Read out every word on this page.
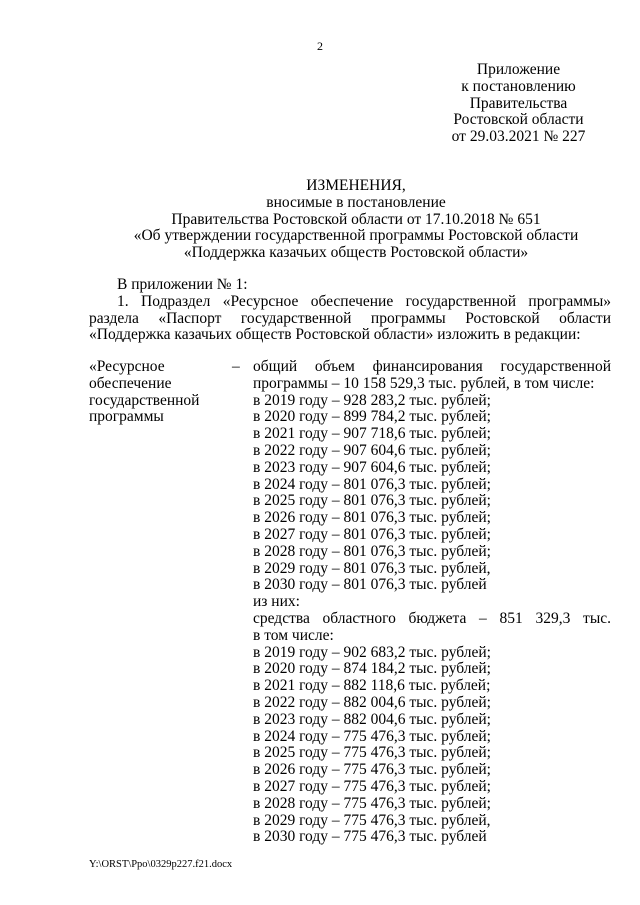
2
Приложение
к постановлению
Правительства
Ростовской области
от 29.03.2021 № 227
ИЗМЕНЕНИЯ,
вносимые в постановление
Правительства Ростовской области от 17.10.2018 № 651
«Об утверждении государственной программы Ростовской области
«Поддержка казачьих обществ Ростовской области»
В приложении № 1:
1. Подраздел «Ресурсное обеспечение государственной программы»
раздела «Паспорт государственной программы Ростовской области
«Поддержка казачьих обществ Ростовской области» изложить в редакции:
«Ресурсное
обеспечение
государственной
программы
– общий объем финансирования государственной
программы – 10 158 529,3 тыс. рублей, в том числе:
в 2019 году – 928 283,2 тыс. рублей;
в 2020 году – 899 784,2 тыс. рублей;
в 2021 году – 907 718,6 тыс. рублей;
в 2022 году – 907 604,6 тыс. рублей;
в 2023 году – 907 604,6 тыс. рублей;
в 2024 году – 801 076,3 тыс. рублей;
в 2025 году – 801 076,3 тыс. рублей;
в 2026 году – 801 076,3 тыс. рублей;
в 2027 году – 801 076,3 тыс. рублей;
в 2028 году – 801 076,3 тыс. рублей;
в 2029 году – 801 076,3 тыс. рублей,
в 2030 году – 801 076,3 тыс. рублей
из них:
средства областного бюджета – 851 329,3 тыс.
в том числе:
в 2019 году – 902 683,2 тыс. рублей;
в 2020 году – 874 184,2 тыс. рублей;
в 2021 году – 882 118,6 тыс. рублей;
в 2022 году – 882 004,6 тыс. рублей;
в 2023 году – 882 004,6 тыс. рублей;
в 2024 году – 775 476,3 тыс. рублей;
в 2025 году – 775 476,3 тыс. рублей;
в 2026 году – 775 476,3 тыс. рублей;
в 2027 году – 775 476,3 тыс. рублей;
в 2028 году – 775 476,3 тыс. рублей;
в 2029 году – 775 476,3 тыс. рублей,
в 2030 году – 775 476,3 тыс. рублей
Y:\ORST\Ppo\0329p227.f21.docx
